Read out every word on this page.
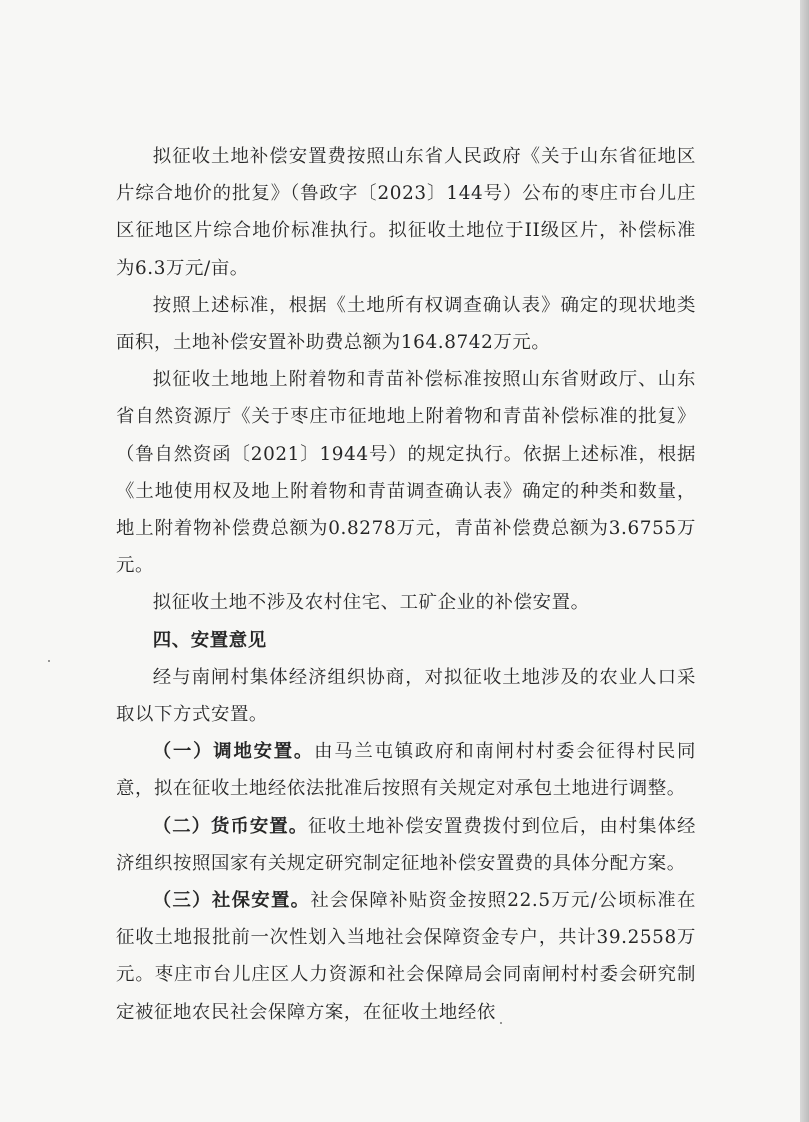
拟征收土地补偿安置费按照山东省人民政府《关于山东省征地区片综合地价的批复》（鲁政字〔2023〕144号）公布的枣庄市台儿庄区征地区片综合地价标准执行。拟征收土地位于II级区片，补偿标准为6.3万元/亩。

按照上述标准，根据《土地所有权调查确认表》确定的现状地类面积，土地补偿安置补助费总额为164.8742万元。

拟征收土地地上附着物和青苗补偿标准按照山东省财政厅、山东省自然资源厅《关于枣庄市征地地上附着物和青苗补偿标准的批复》（鲁自然资函〔2021〕1944号）的规定执行。依据上述标准，根据《土地使用权及地上附着物和青苗调查确认表》确定的种类和数量，地上附着物补偿费总额为0.8278万元，青苗补偿费总额为3.6755万元。

拟征收土地不涉及农村住宅、工矿企业的补偿安置。

四、安置意见

经与南闸村集体经济组织协商，对拟征收土地涉及的农业人口采取以下方式安置。

（一）调地安置。由马兰屯镇政府和南闸村村委会征得村民同意，拟在征收土地经依法批准后按照有关规定对承包土地进行调整。

（二）货币安置。征收土地补偿安置费拨付到位后，由村集体经济组织按照国家有关规定研究制定征地补偿安置费的具体分配方案。

（三）社保安置。社会保障补贴资金按照22.5万元/公顷标准在征收土地报批前一次性划入当地社会保障资金专户，共计39.2558万元。枣庄市台儿庄区人力资源和社会保障局会同南闸村村委会研究制定被征地农民社会保障方案，在征收土地经依
